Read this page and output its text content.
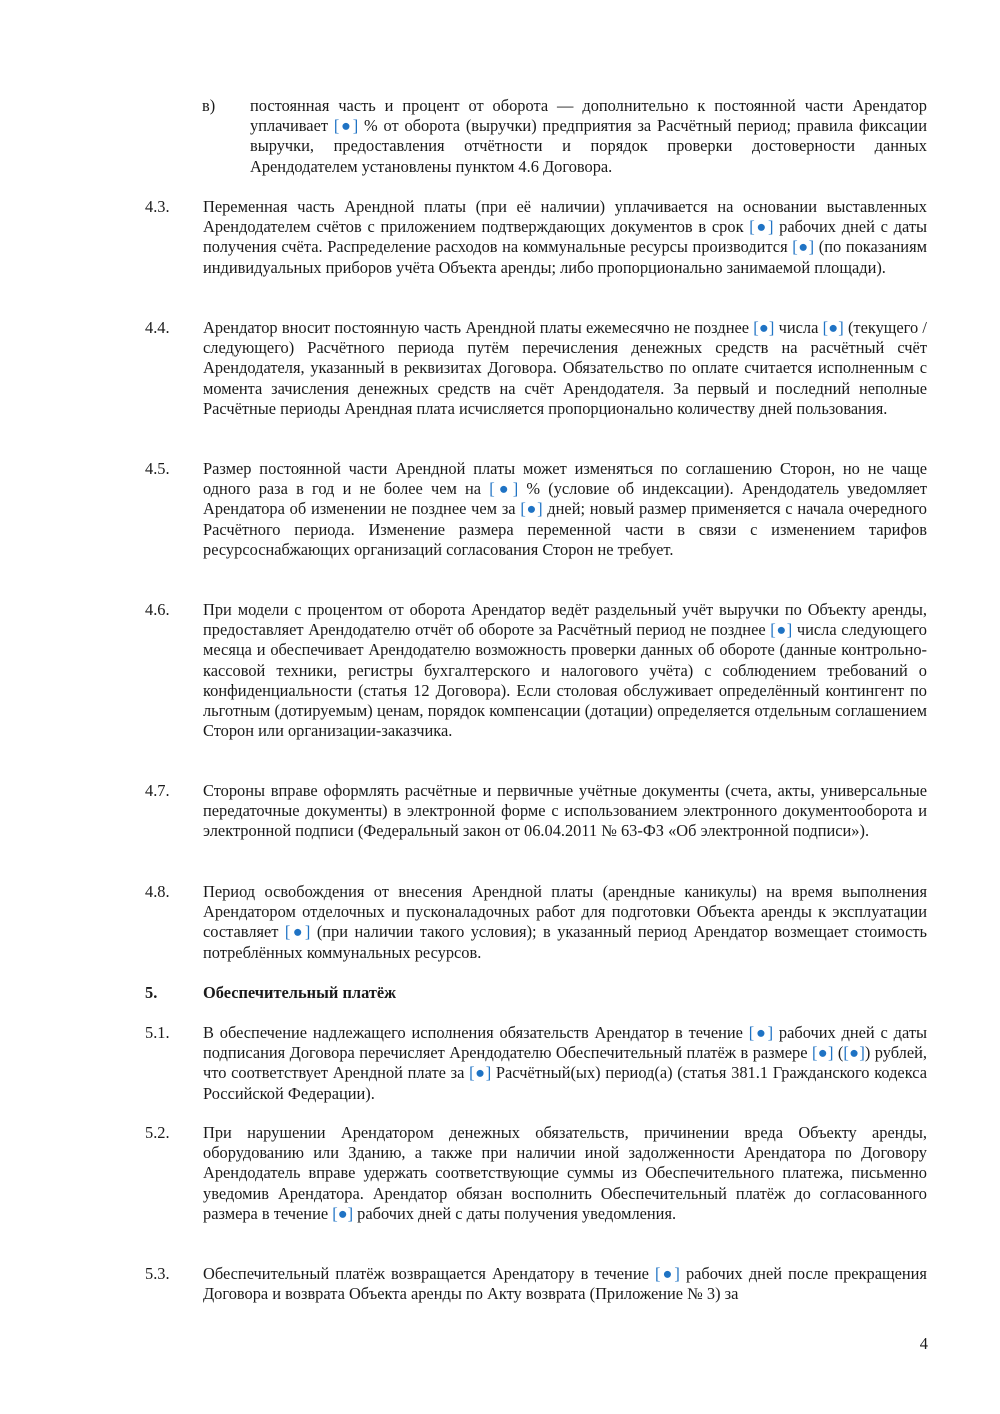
в)	постоянная часть и процент от оборота — дополнительно к постоянной части Арендатор уплачивает [●] % от оборота (выручки) предприятия за Расчётный период; правила фиксации выручки, предоставления отчётности и порядок проверки достоверности данных Арендодателем установлены пунктом 4.6 Договора.
4.3.	Переменная часть Арендной платы (при её наличии) уплачивается на основании выставленных Арендодателем счётов с приложением подтверждающих документов в срок [●] рабочих дней с даты получения счёта. Распределение расходов на коммунальные ресурсы производится [●] (по показаниям индивидуальных приборов учёта Объекта аренды; либо пропорционально занимаемой площади).
4.4.	Арендатор вносит постоянную часть Арендной платы ежемесячно не позднее [●] числа [●] (текущего / следующего) Расчётного периода путём перечисления денежных средств на расчётный счёт Арендодателя, указанный в реквизитах Договора. Обязательство по оплате считается исполненным с момента зачисления денежных средств на счёт Арендодателя. За первый и последний неполные Расчётные периоды Арендная плата исчисляется пропорционально количеству дней пользования.
4.5.	Размер постоянной части Арендной платы может изменяться по соглашению Сторон, но не чаще одного раза в год и не более чем на [●] % (условие об индексации). Арендодатель уведомляет Арендатора об изменении не позднее чем за [●] дней; новый размер применяется с начала очередного Расчётного периода. Изменение размера переменной части в связи с изменением тарифов ресурсоснабжающих организаций согласования Сторон не требует.
4.6.	При модели с процентом от оборота Арендатор ведёт раздельный учёт выручки по Объекту аренды, предоставляет Арендодателю отчёт об обороте за Расчётный период не позднее [●] числа следующего месяца и обеспечивает Арендодателю возможность проверки данных об обороте (данные контрольно-кассовой техники, регистры бухгалтерского и налогового учёта) с соблюдением требований о конфиденциальности (статья 12 Договора). Если столовая обслуживает определённый контингент по льготным (дотируемым) ценам, порядок компенсации (дотации) определяется отдельным соглашением Сторон или организации-заказчика.
4.7.	Стороны вправе оформлять расчётные и первичные учётные документы (счета, акты, универсальные передаточные документы) в электронной форме с использованием электронного документооборота и электронной подписи (Федеральный закон от 06.04.2011 № 63-ФЗ «Об электронной подписи»).
4.8.	Период освобождения от внесения Арендной платы (арендные каникулы) на время выполнения Арендатором отделочных и пусконаладочных работ для подготовки Объекта аренды к эксплуатации составляет [●] (при наличии такого условия); в указанный период Арендатор возмещает стоимость потреблённых коммунальных ресурсов.
5.	Обеспечительный платёж
5.1.	В обеспечение надлежащего исполнения обязательств Арендатор в течение [●] рабочих дней с даты подписания Договора перечисляет Арендодателю Обеспечительный платёж в размере [●] ([●]) рублей, что соответствует Арендной плате за [●] Расчётный(ых) период(а) (статья 381.1 Гражданского кодекса Российской Федерации).
5.2.	При нарушении Арендатором денежных обязательств, причинении вреда Объекту аренды, оборудованию или Зданию, а также при наличии иной задолженности Арендатора по Договору Арендодатель вправе удержать соответствующие суммы из Обеспечительного платежа, письменно уведомив Арендатора. Арендатор обязан восполнить Обеспечительный платёж до согласованного размера в течение [●] рабочих дней с даты получения уведомления.
5.3.	Обеспечительный платёж возвращается Арендатору в течение [●] рабочих дней после прекращения Договора и возврата Объекта аренды по Акту возврата (Приложение № 3) за
4
